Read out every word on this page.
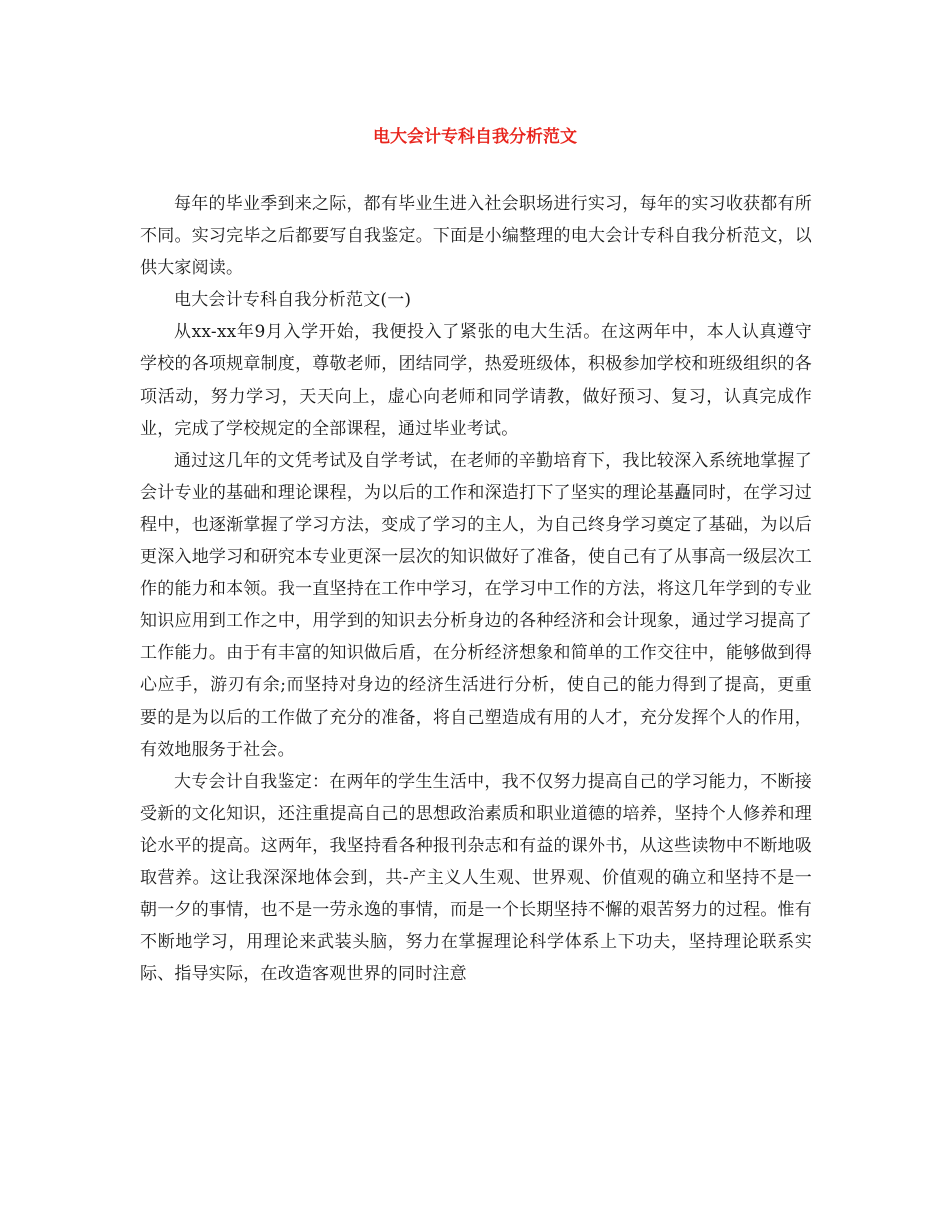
电大会计专科自我分析范文

每年的毕业季到来之际，都有毕业生进入社会职场进行实习，每年的实习收获都有所不同。实习完毕之后都要写自我鉴定。下面是小编整理的电大会计专科自我分析范文，以供大家阅读。

电大会计专科自我分析范文(一)

从xx-xx年9月入学开始，我便投入了紧张的电大生活。在这两年中，本人认真遵守学校的各项规章制度，尊敬老师，团结同学，热爱班级体，积极参加学校和班级组织的各项活动，努力学习，天天向上，虚心向老师和同学请教，做好预习、复习，认真完成作业，完成了学校规定的全部课程，通过毕业考试。

通过这几年的文凭考试及自学考试，在老师的辛勤培育下，我比较深入系统地掌握了会计专业的基础和理论课程，为以后的工作和深造打下了坚实的理论基矗同时，在学习过程中，也逐渐掌握了学习方法，变成了学习的主人，为自己终身学习奠定了基础，为以后更深入地学习和研究本专业更深一层次的知识做好了准备，使自己有了从事高一级层次工作的能力和本领。我一直坚持在工作中学习，在学习中工作的方法，将这几年学到的专业知识应用到工作之中，用学到的知识去分析身边的各种经济和会计现象，通过学习提高了工作能力。由于有丰富的知识做后盾，在分析经济想象和简单的工作交往中，能够做到得心应手，游刃有余;而坚持对身边的经济生活进行分析，使自己的能力得到了提高，更重要的是为以后的工作做了充分的准备，将自己塑造成有用的人才，充分发挥个人的作用，有效地服务于社会。

大专会计自我鉴定：在两年的学生生活中，我不仅努力提高自己的学习能力，不断接受新的文化知识，还注重提高自己的思想政治素质和职业道德的培养，坚持个人修养和理论水平的提高。这两年，我坚持看各种报刊杂志和有益的课外书，从这些读物中不断地吸取营养。这让我深深地体会到，共-产主义人生观、世界观、价值观的确立和坚持不是一朝一夕的事情，也不是一劳永逸的事情，而是一个长期坚持不懈的艰苦努力的过程。惟有不断地学习，用理论来武装头脑，努力在掌握理论科学体系上下功夫，坚持理论联系实际、指导实际，在改造客观世界的同时注意
